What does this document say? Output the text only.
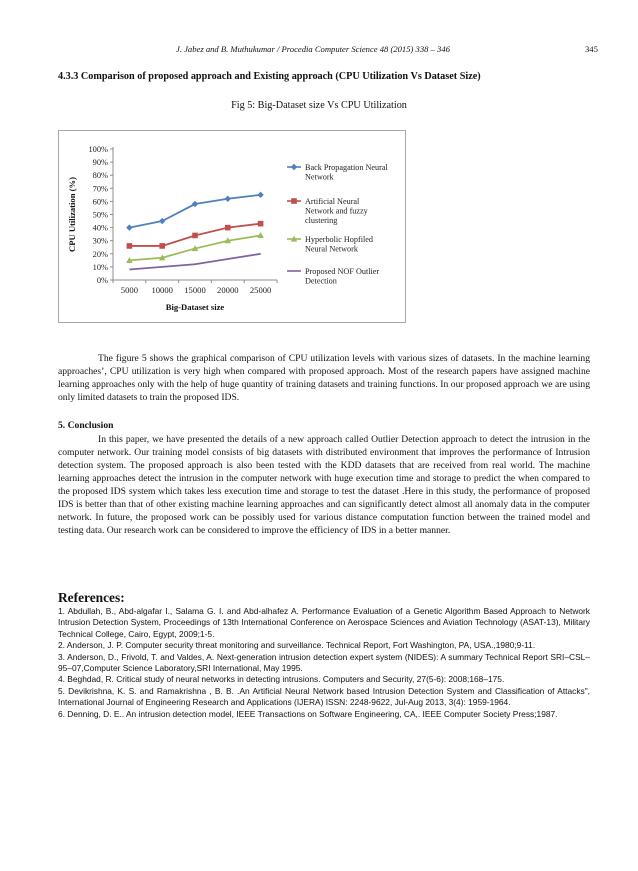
J. Jabez and B. Muthukumar / Procedia Computer Science 48 (2015) 338 – 346	345
4.3.3 Comparison of proposed approach and Existing approach (CPU Utilization Vs Dataset Size)
Fig 5: Big-Dataset size Vs CPU Utilization
0%
10%
20%
30%
40%
50%
60%
70%
80%
90%
100%
5000 10000 15000 20000 25000
Big-Dataset size
CPU Utilization (%)
Back Propagation Neural
Network
Artificial Neural
Network and fuzzy
clustering
Hyperbolic Hopfiled
Neural Network
Proposed NOF Outlier
Detection

The figure 5 shows the graphical comparison of CPU utilization levels with various sizes of datasets. In the machine learning approaches’, CPU utilization is very high when compared with proposed approach. Most of the research papers have assigned machine learning approaches only with the help of huge quantity of training datasets and training functions. In our proposed approach we are using only limited datasets to train the proposed IDS.

5. Conclusion

In this paper, we have presented the details of a new approach called Outlier Detection approach to detect the intrusion in the computer network. Our training model consists of big datasets with distributed environment that improves the performance of Intrusion detection system. The proposed approach is also been tested with the KDD datasets that are received from real world. The machine learning approaches detect the intrusion in the computer network with huge execution time and storage to predict the when compared to the proposed IDS system which takes less execution time and storage to test the dataset .Here in this study, the performance of proposed IDS is better than that of other existing machine learning approaches and can significantly detect almost all anomaly data in the computer network. In future, the proposed work can be possibly used for various distance computation function between the trained model and testing data. Our research work can be considered to improve the efficiency of IDS in a better manner.

References:
1. Abdullah, B., Abd-algafar I., Salama G. I. and Abd-alhafez A. Performance Evaluation of a Genetic Algorithm Based Approach to Network Intrusion Detection System, Proceedings of 13th International Conference on Aerospace Sciences and Aviation Technology (ASAT-13), Military Technical College, Cairo, Egypt, 2009;1-5.
2. Anderson, J. P. Computer security threat monitoring and surveillance. Technical Report, Fort Washington, PA, USA.,1980;9-11.
3. Anderson, D., Frivold, T. and Valdes, A. Next-generation intrusion detection expert system (NIDES): A summary Technical Report SRI–CSL–95–07,Computer Science Laboratory,SRI International, May 1995.
4. Beghdad, R. Critical study of neural networks in detecting intrusions. Computers and Security, 27(5-6): 2008;168–175.
5. Devikrishna, K. S. and Ramakrishna , B. B. .An Artificial Neural Network based Intrusion Detection System and Classification of Attacks", International Journal of Engineering Research and Applications (IJERA) ISSN: 2248-9622, Jul-Aug 2013, 3(4): 1959-1964.
6. Denning, D. E.. An intrusion detection model, IEEE Transactions on Software Engineering, CA,. IEEE Computer Society Press;1987.
